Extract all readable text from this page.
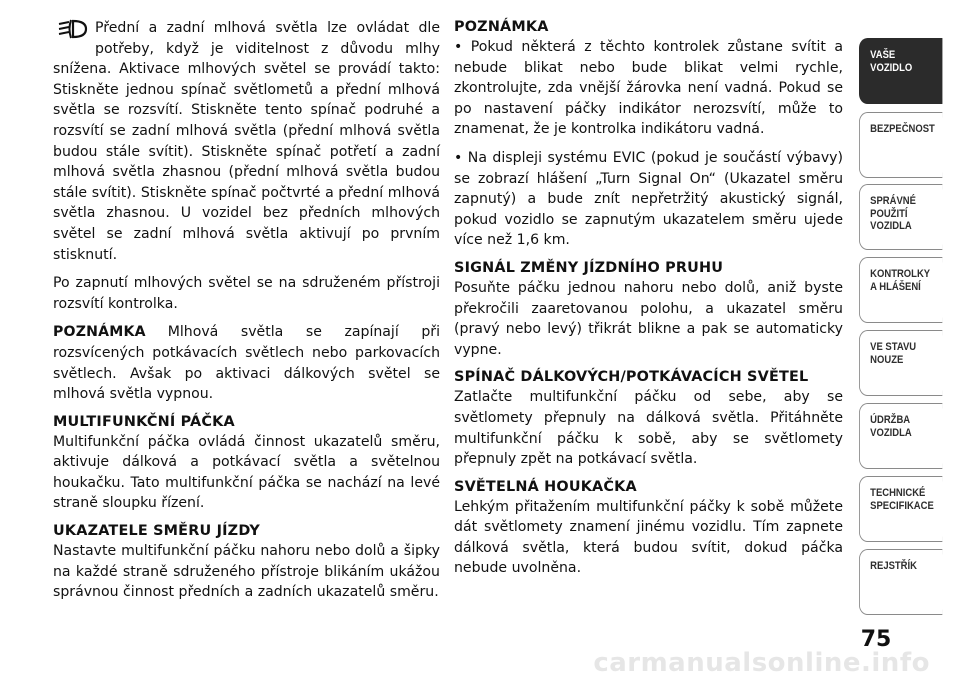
Přední a zadní mlhová světla lze ovládat dle potřeby, když je viditelnost z důvodu mlhy snížena. Aktivace mlhových světel se provádí takto: Stiskněte jednou spínač světlometů a přední mlhová světla se rozsvítí. Stiskněte tento spínač podruhé a rozsvítí se zadní mlhová světla (přední mlhová světla budou stále svítit). Stiskněte spínač potřetí a zadní mlhová světla zhasnou (přední mlhová světla budou stále svítit). Stiskněte spínač počtvrté a přední mlhová světla zhasnou. U vozidel bez předních mlhových světel se zadní mlhová světla aktivují po prvním stisknutí.

Po zapnutí mlhových světel se na sdruženém přístroji rozsvítí kontrolka.

POZNÁMKA Mlhová světla se zapínají při rozsvícených potkávacích světlech nebo parkovacích světlech. Avšak po aktivaci dálkových světel se mlhová světla vypnou.

MULTIFUNKČNÍ PÁČKA

Multifunkční páčka ovládá činnost ukazatelů směru, aktivuje dálková a potkávací světla a světelnou houkačku. Tato multifunkční páčka se nachází na levé straně sloupku řízení.

UKAZATELE SMĚRU JÍZDY

Nastavte multifunkční páčku nahoru nebo dolů a šipky na každé straně sdruženého přístroje blikáním ukážou správnou činnost předních a zadních ukazatelů směru.

POZNÁMKA

• Pokud některá z těchto kontrolek zůstane svítit a nebude blikat nebo bude blikat velmi rychle, zkontrolujte, zda vnější žárovka není vadná. Pokud se po nastavení páčky indikátor nerozsvítí, může to znamenat, že je kontrolka indikátoru vadná.

• Na displeji systému EVIC (pokud je součástí výbavy) se zobrazí hlášení „Turn Signal On“ (Ukazatel směru zapnutý) a bude znít nepřetržitý akustický signál, pokud vozidlo se zapnutým ukazatelem směru ujede více než 1,6 km.

SIGNÁL ZMĚNY JÍZDNÍHO PRUHU

Posuňte páčku jednou nahoru nebo dolů, aniž byste překročili zaaretovanou polohu, a ukazatel směru (pravý nebo levý) třikrát blikne a pak se automaticky vypne.

SPÍNAČ DÁLKOVÝCH/POTKÁVACÍCH SVĚTEL

Zatlačte multifunkční páčku od sebe, aby se světlomety přepnuly na dálková světla. Přitáhněte multifunkční páčku k sobě, aby se světlomety přepnuly zpět na potkávací světla.

SVĚTELNÁ HOUKAČKA

Lehkým přitažením multifunkční páčky k sobě můžete dát světlomety znamení jinému vozidlu. Tím zapnete dálková světla, která budou svítit, dokud páčka nebude uvolněna.

VAŠE
VOZIDLO
BEZPEČNOST
SPRÁVNÉ
POUŽITÍ
VOZIDLA
KONTROLKY
A HLÁŠENÍ
VE STAVU
NOUZE
ÚDRŽBA
VOZIDLA
TECHNICKÉ
SPECIFIKACE
REJSTŘÍK
75
carmanualsonline.info
